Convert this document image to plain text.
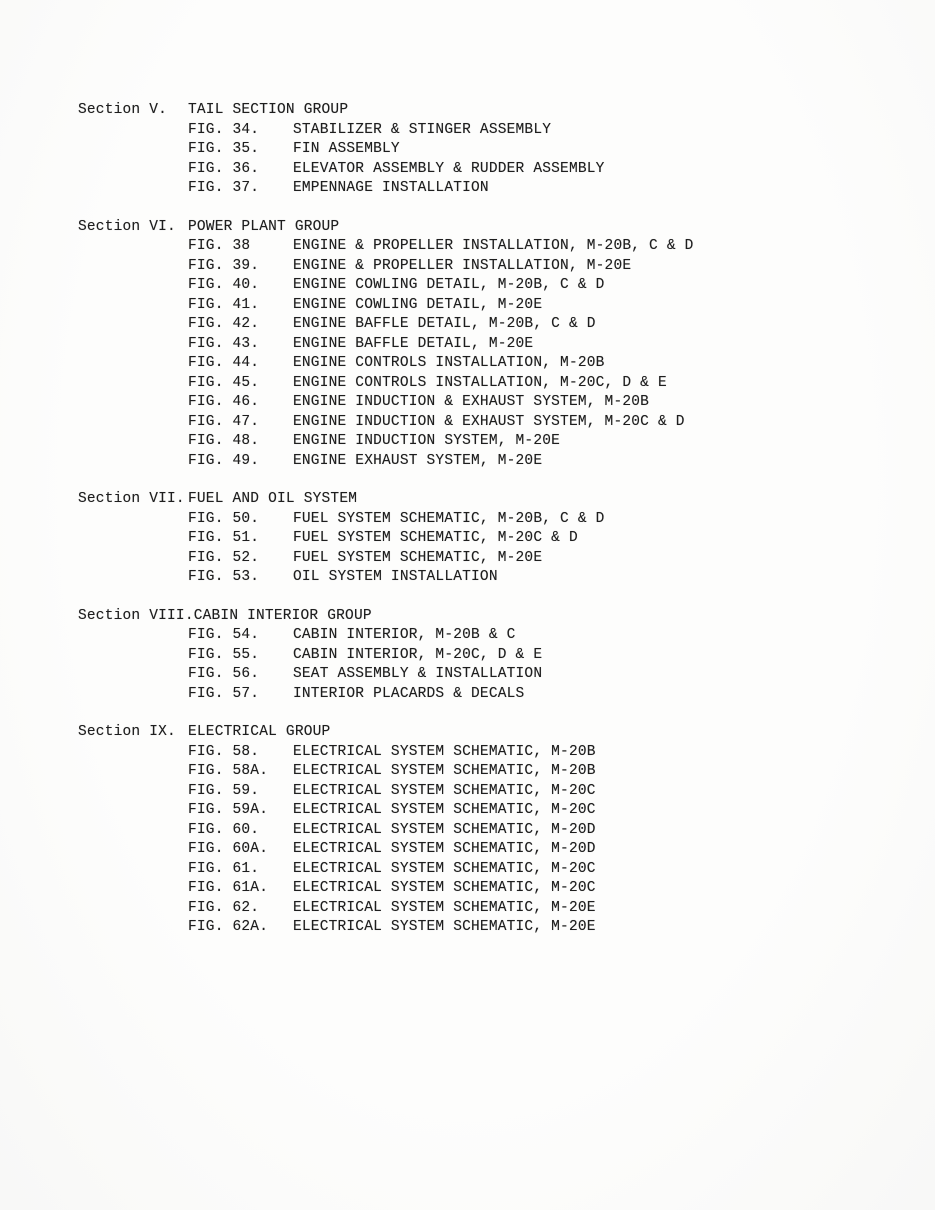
Section V.	TAIL SECTION GROUP
FIG. 34.	STABILIZER & STINGER ASSEMBLY
FIG. 35.	FIN ASSEMBLY
FIG. 36.	ELEVATOR ASSEMBLY & RUDDER ASSEMBLY
FIG. 37.	EMPENNAGE INSTALLATION
Section VI. POWER PLANT GROUP
FIG. 38	ENGINE & PROPELLER INSTALLATION, M-20B, C & D
FIG. 39.	ENGINE & PROPELLER INSTALLATION, M-20E
FIG. 40.	ENGINE COWLING DETAIL, M-20B, C & D
FIG. 41.	ENGINE COWLING DETAIL, M-20E
FIG. 42.	ENGINE BAFFLE DETAIL, M-20B, C & D
FIG. 43.	ENGINE BAFFLE DETAIL, M-20E
FIG. 44.	ENGINE CONTROLS INSTALLATION, M-20B
FIG. 45.	ENGINE CONTROLS INSTALLATION, M-20C, D & E
FIG. 46.	ENGINE INDUCTION & EXHAUST SYSTEM, M-20B
FIG. 47.	ENGINE INDUCTION & EXHAUST SYSTEM, M-20C & D
FIG. 48.	ENGINE INDUCTION SYSTEM, M-20E
FIG. 49.	ENGINE EXHAUST SYSTEM, M-20E
Section VII. FUEL AND OIL SYSTEM
FIG. 50.	FUEL SYSTEM SCHEMATIC, M-20B, C & D
FIG. 51.	FUEL SYSTEM SCHEMATIC, M-20C & D
FIG. 52.	FUEL SYSTEM SCHEMATIC, M-20E
FIG. 53.	OIL SYSTEM INSTALLATION
Section VIII. CABIN INTERIOR GROUP
FIG. 54.	CABIN INTERIOR, M-20B & C
FIG. 55.	CABIN INTERIOR, M-20C, D & E
FIG. 56.	SEAT ASSEMBLY & INSTALLATION
FIG. 57.	INTERIOR PLACARDS & DECALS
Section IX. ELECTRICAL GROUP
FIG. 58.	ELECTRICAL SYSTEM SCHEMATIC, M-20B
FIG. 58A.	ELECTRICAL SYSTEM SCHEMATIC, M-20B
FIG. 59.	ELECTRICAL SYSTEM SCHEMATIC, M-20C
FIG. 59A.	ELECTRICAL SYSTEM SCHEMATIC, M-20C
FIG. 60.	ELECTRICAL SYSTEM SCHEMATIC, M-20D
FIG. 60A.	ELECTRICAL SYSTEM SCHEMATIC, M-20D
FIG. 61.	ELECTRICAL SYSTEM SCHEMATIC, M-20C
FIG. 61A.	ELECTRICAL SYSTEM SCHEMATIC, M-20C
FIG. 62.	ELECTRICAL SYSTEM SCHEMATIC, M-20E
FIG. 62A.	ELECTRICAL SYSTEM SCHEMATIC, M-20E
